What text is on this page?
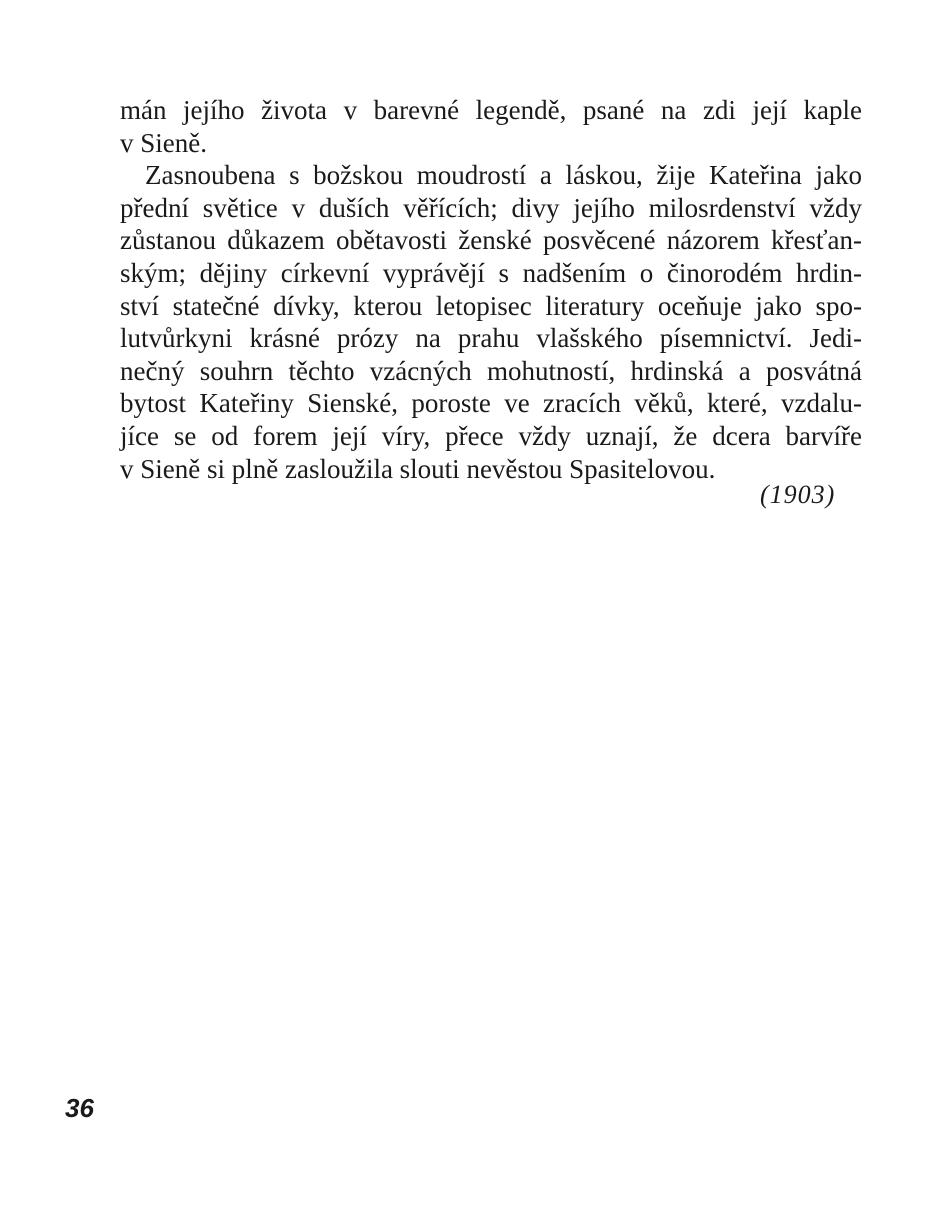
mán jejího života v barevné legendě, psané na zdi její kaple
v Sieně.
Zasnoubena s božskou moudrostí a láskou, žije Kateřina jako
přední světice v duších věřících; divy jejího milosrdenství vždy
zůstanou důkazem obětavosti ženské posvěcené názorem křesťan-
ským; dějiny církevní vyprávějí s nadšením o činorodém hrdin-
ství statečné dívky, kterou letopisec literatury oceňuje jako spo-
lutvůrkyni krásné prózy na prahu vlašského písemnictví. Jedi-
nečný souhrn těchto vzácných mohutností, hrdinská a posvátná
bytost Kateřiny Sienské, poroste ve zracích věků, které, vzdalu-
jíce se od forem její víry, přece vždy uznají, že dcera barvíře
v Sieně si plně zasloužila slouti nevěstou Spasitelovou.
(1903)
36
